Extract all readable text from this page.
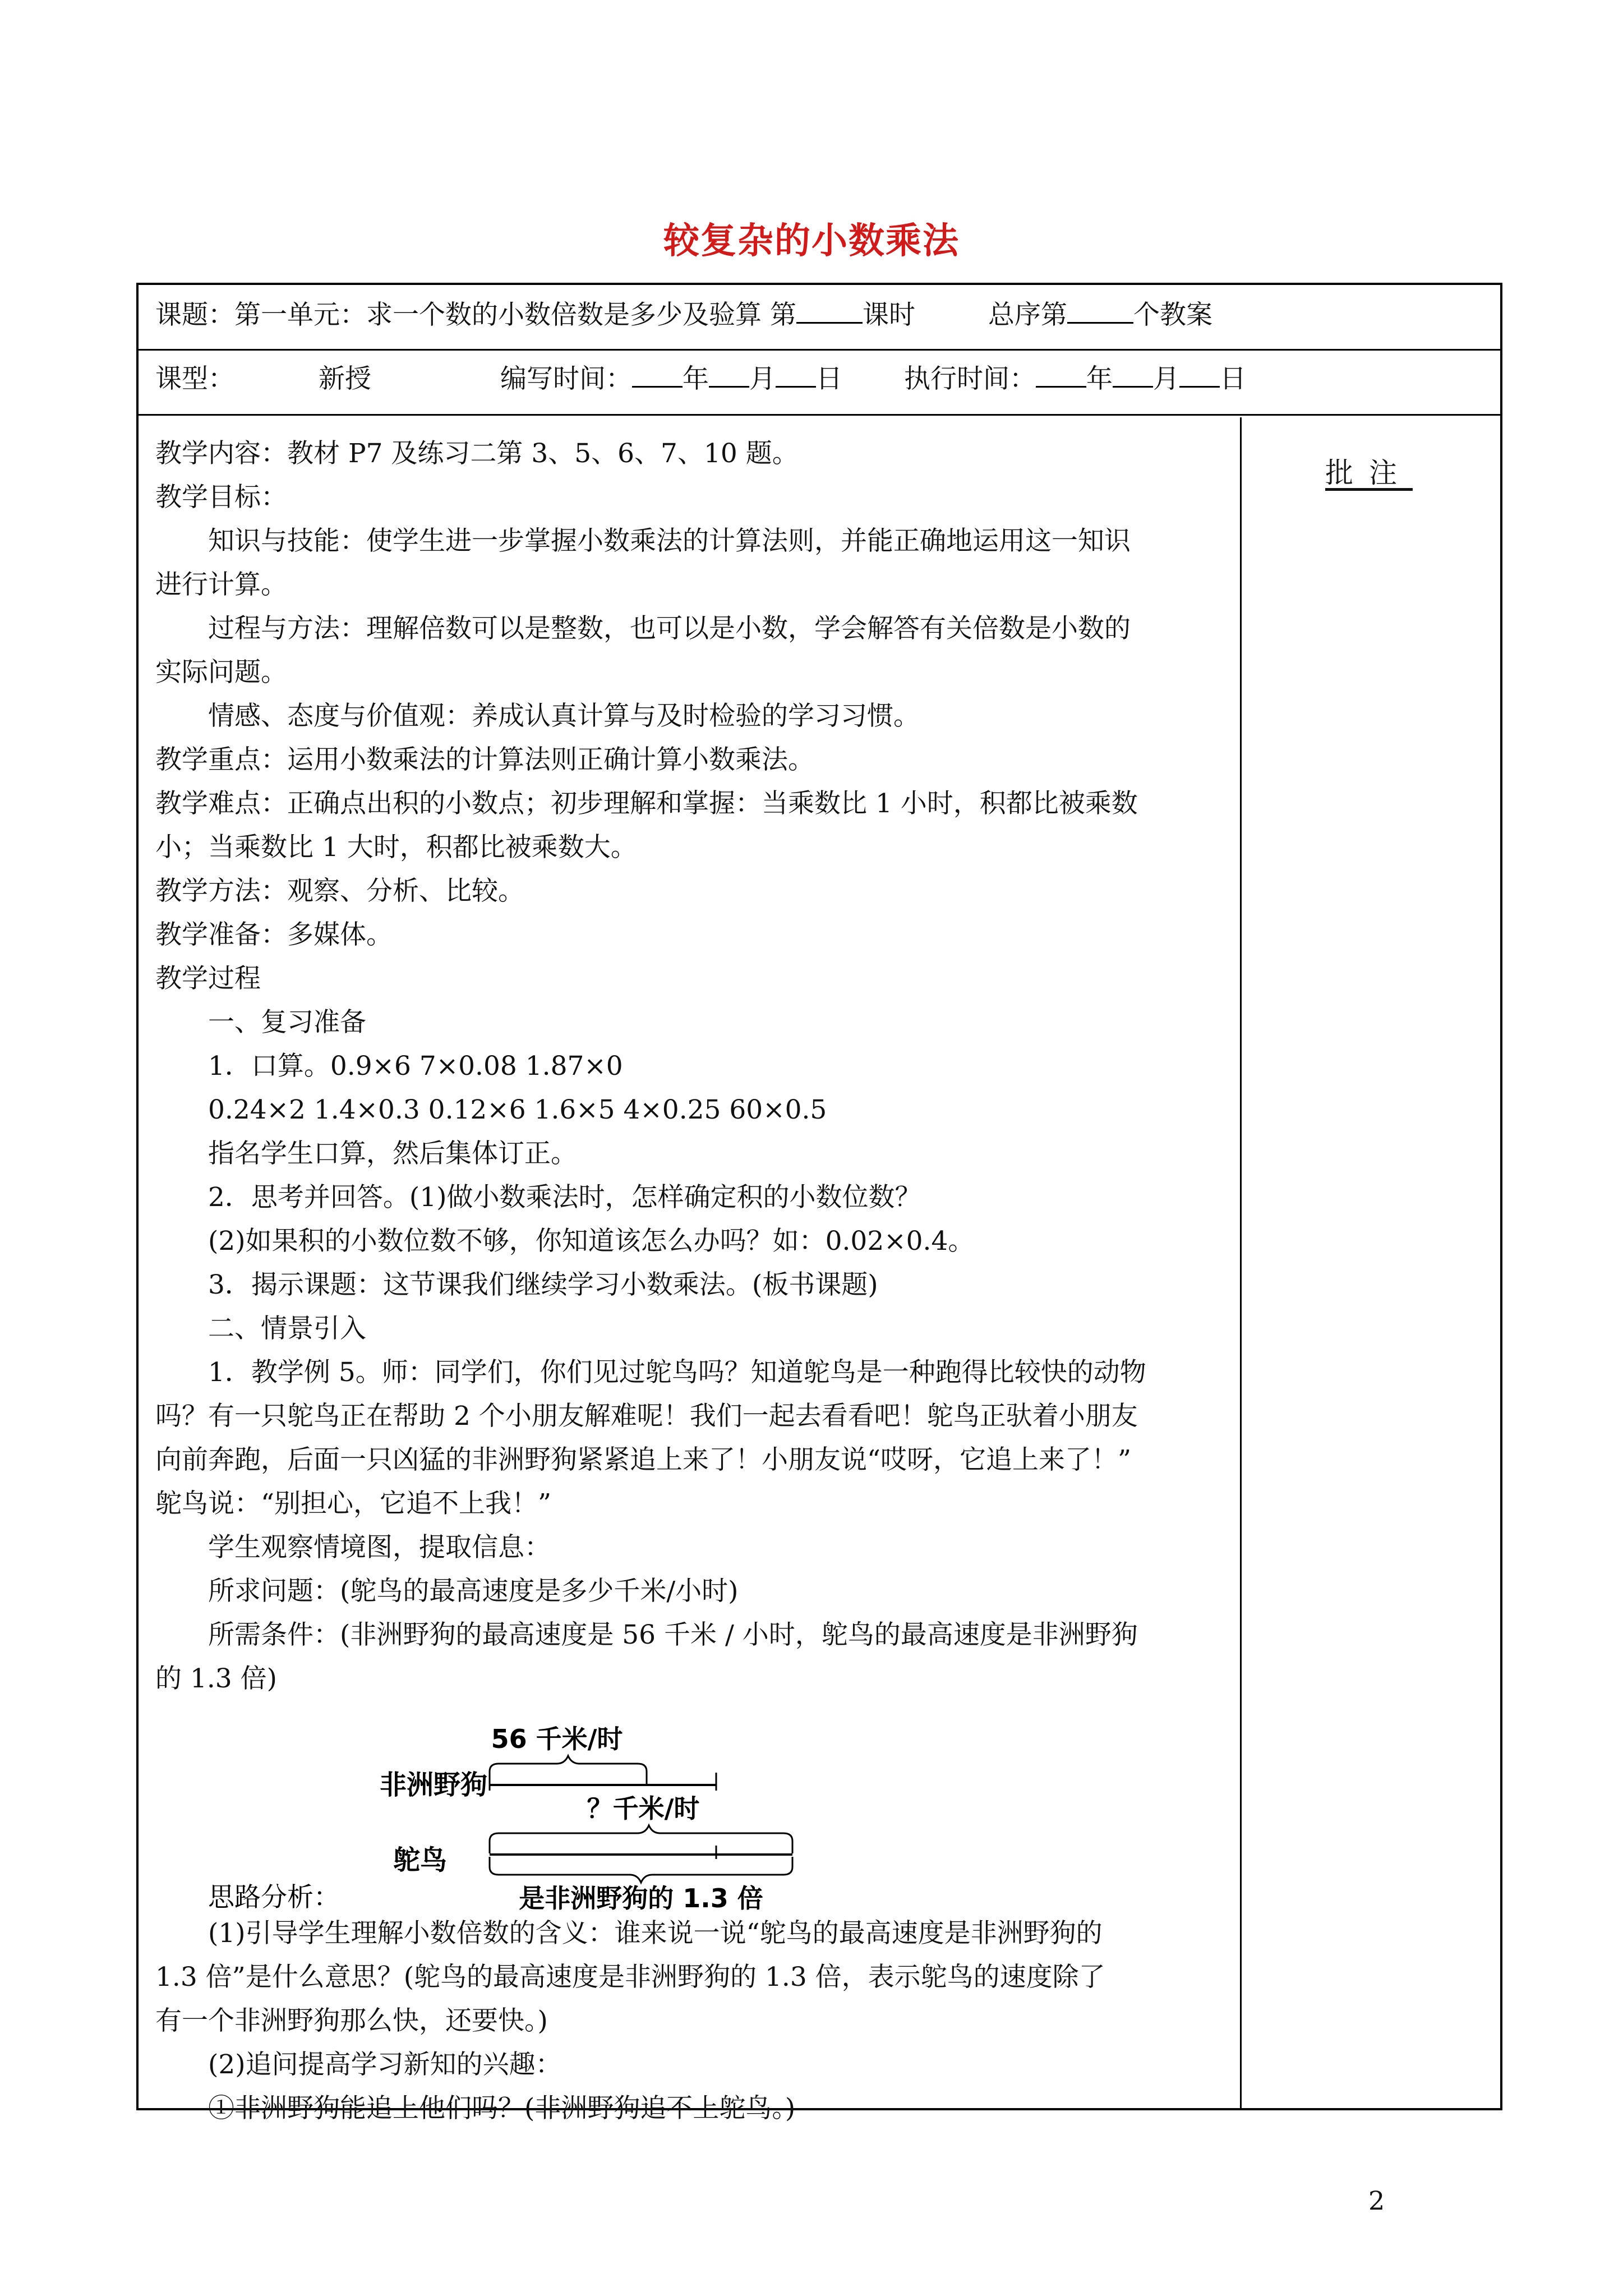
较复杂的小数乘法
课题：第一单元：求一个数的小数倍数是多少及验算 第	课时	总序第	个教案
课型：	新授	编写时间： 年 月 日 执行时间： 年 月 日
批注
教学内容：教材 P7 及练习二第 3、5、6、7、10 题。
教学目标：
知识与技能：使学生进一步掌握小数乘法的计算法则，并能正确地运用这一知识
进行计算。
过程与方法：理解倍数可以是整数，也可以是小数，学会解答有关倍数是小数的
实际问题。
情感、态度与价值观：养成认真计算与及时检验的学习习惯。
教学重点：运用小数乘法的计算法则正确计算小数乘法。
教学难点：正确点出积的小数点；初步理解和掌握：当乘数比 1 小时，积都比被乘数
小；当乘数比 1 大时，积都比被乘数大。
教学方法：观察、分析、比较。
教学准备：多媒体。
教学过程
一、复习准备
1．口算。0.9×6 7×0.08 1.87×0
0.24×2 1.4×0.3 0.12×6 1.6×5 4×0.25 60×0.5
指名学生口算，然后集体订正。
2．思考并回答。(1)做小数乘法时，怎样确定积的小数位数？
(2)如果积的小数位数不够，你知道该怎么办吗？如：0.02×0.4。
3．揭示课题：这节课我们继续学习小数乘法。(板书课题)
二、情景引入
1．教学例 5。师：同学们，你们见过鸵鸟吗？知道鸵鸟是一种跑得比较快的动物
吗？有一只鸵鸟正在帮助 2 个小朋友解难呢！我们一起去看看吧！鸵鸟正驮着小朋友
向前奔跑，后面一只凶猛的非洲野狗紧紧追上来了！小朋友说“哎呀，它追上来了！”
鸵鸟说：“别担心，它追不上我！”
学生观察情境图，提取信息：
所求问题：(鸵鸟的最高速度是多少千米/小时)
所需条件：(非洲野狗的最高速度是 56 千米 / 小时，鸵鸟的最高速度是非洲野狗
的 1.3 倍)
56 千米/时
非洲野狗
？千米/时
鸵鸟
是非洲野狗的 1.3 倍
思路分析：
(1)引导学生理解小数倍数的含义：谁来说一说“鸵鸟的最高速度是非洲野狗的
1.3 倍”是什么意思？(鸵鸟的最高速度是非洲野狗的 1.3 倍，表示鸵鸟的速度除了
有一个非洲野狗那么快，还要快。)
(2)追问提高学习新知的兴趣：
①非洲野狗能追上他们吗？(非洲野狗追不上鸵鸟。)
2
